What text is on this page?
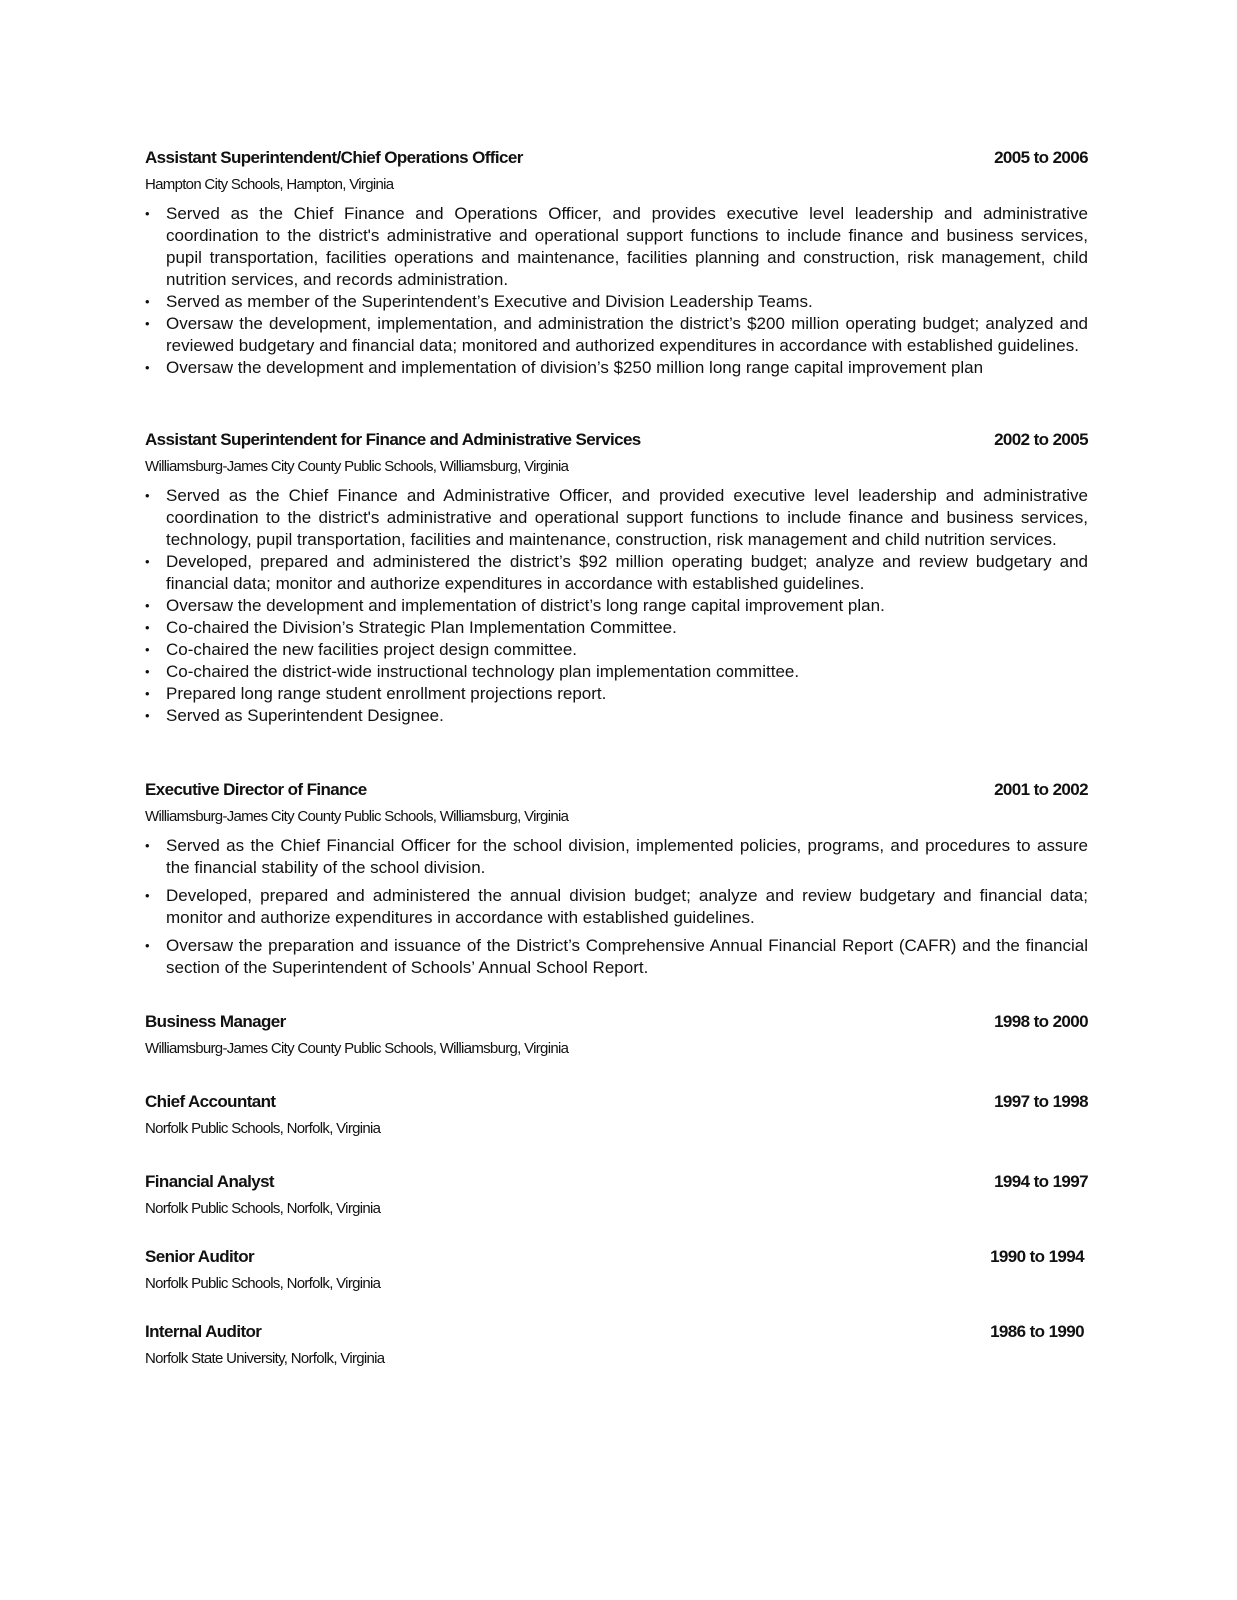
Assistant Superintendent/Chief Operations Officer	2005 to 2006
Hampton City Schools, Hampton, Virginia
• Served as the Chief Finance and Operations Officer, and provides executive level leadership and administrative coordination to the district's administrative and operational support functions to include finance and business services, pupil transportation, facilities operations and maintenance, facilities planning and construction, risk management, child nutrition services, and records administration.
• Served as member of the Superintendent’s Executive and Division Leadership Teams.
• Oversaw the development, implementation, and administration the district’s $200 million operating budget; analyzed and reviewed budgetary and financial data; monitored and authorized expenditures in accordance with established guidelines.
• Oversaw the development and implementation of division’s $250 million long range capital improvement plan
Assistant Superintendent for Finance and Administrative Services	2002 to 2005
Williamsburg-James City County Public Schools, Williamsburg, Virginia
• Served as the Chief Finance and Administrative Officer, and provided executive level leadership and administrative coordination to the district's administrative and operational support functions to include finance and business services, technology, pupil transportation, facilities and maintenance, construction, risk management and child nutrition services.
• Developed, prepared and administered the district’s $92 million operating budget; analyze and review budgetary and financial data; monitor and authorize expenditures in accordance with established guidelines.
• Oversaw the development and implementation of district’s long range capital improvement plan.
• Co-chaired the Division’s Strategic Plan Implementation Committee.
• Co-chaired the new facilities project design committee.
• Co-chaired the district-wide instructional technology plan implementation committee.
• Prepared long range student enrollment projections report.
• Served as Superintendent Designee.
Executive Director of Finance	2001 to 2002
Williamsburg-James City County Public Schools, Williamsburg, Virginia
• Served as the Chief Financial Officer for the school division, implemented policies, programs, and procedures to assure the financial stability of the school division.
• Developed, prepared and administered the annual division budget; analyze and review budgetary and financial data; monitor and authorize expenditures in accordance with established guidelines.
• Oversaw the preparation and issuance of the District’s Comprehensive Annual Financial Report (CAFR) and the financial section of the Superintendent of Schools’ Annual School Report.
Business Manager	1998 to 2000
Williamsburg-James City County Public Schools, Williamsburg, Virginia
Chief Accountant	1997 to 1998
Norfolk Public Schools, Norfolk, Virginia
Financial Analyst	1994 to 1997
Norfolk Public Schools, Norfolk, Virginia
Senior Auditor	1990 to 1994
Norfolk Public Schools, Norfolk, Virginia
Internal Auditor	1986 to 1990
Norfolk State University, Norfolk, Virginia
